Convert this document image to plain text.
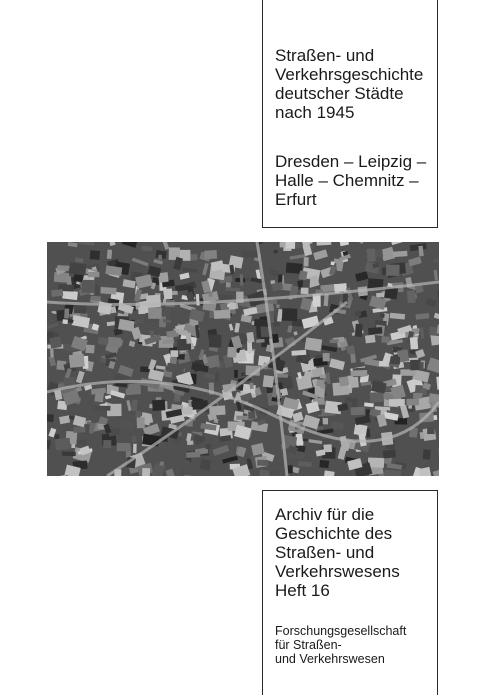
Straßen- und
Verkehrsgeschichte
deutscher Städte
nach 1945
Dresden – Leipzig –
Halle – Chemnitz –
Erfurt
Archiv für die
Geschichte des
Straßen- und
Verkehrswesens
Heft 16
Forschungsgesellschaft
für Straßen-
und Verkehrswesen
